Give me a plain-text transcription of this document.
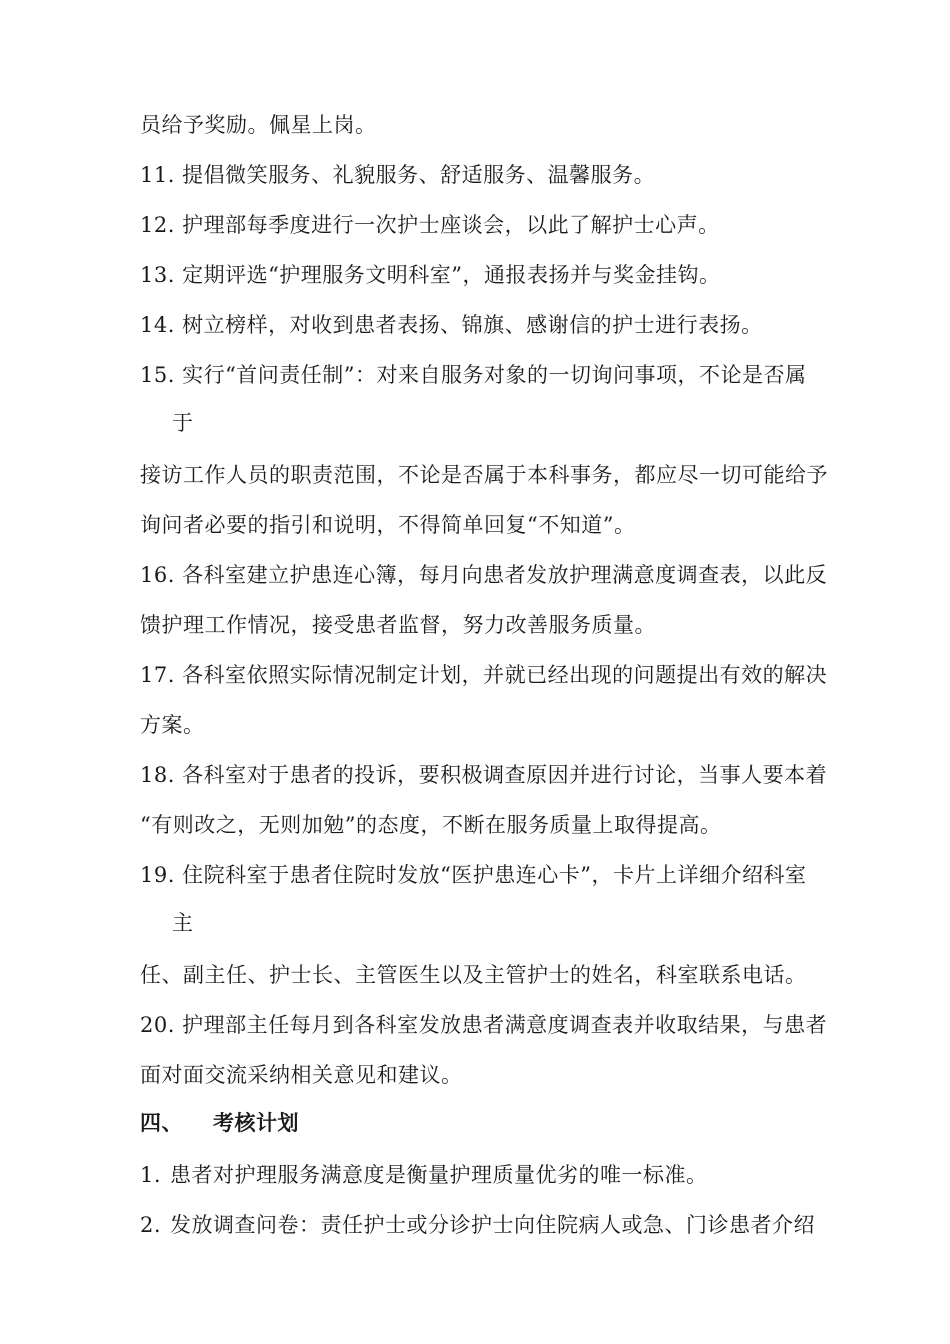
员给予奖励。佩星上岗。
11. 提倡微笑服务、礼貌服务、舒适服务、温馨服务。
12. 护理部每季度进行一次护士座谈会，以此了解护士心声。
13. 定期评选“护理服务文明科室”，通报表扬并与奖金挂钩。
14. 树立榜样，对收到患者表扬、锦旗、感谢信的护士进行表扬。
15. 实行“首问责任制”：对来自服务对象的一切询问事项，不论是否属
于
接访工作人员的职责范围，不论是否属于本科事务，都应尽一切可能给予
询问者必要的指引和说明，不得简单回复“不知道”。
16. 各科室建立护患连心簿，每月向患者发放护理满意度调查表，以此反
馈护理工作情况，接受患者监督，努力改善服务质量。
17. 各科室依照实际情况制定计划，并就已经出现的问题提出有效的解决
方案。
18. 各科室对于患者的投诉，要积极调查原因并进行讨论，当事人要本着
“有则改之，无则加勉”的态度，不断在服务质量上取得提高。
19. 住院科室于患者住院时发放“医护患连心卡”，卡片上详细介绍科室
主
任、副主任、护士长、主管医生以及主管护士的姓名，科室联系电话。
20. 护理部主任每月到各科室发放患者满意度调查表并收取结果，与患者
面对面交流采纳相关意见和建议。
四、 考核计划
1. 患者对护理服务满意度是衡量护理质量优劣的唯一标准。
2. 发放调查问卷：责任护士或分诊护士向住院病人或急、门诊患者介绍
